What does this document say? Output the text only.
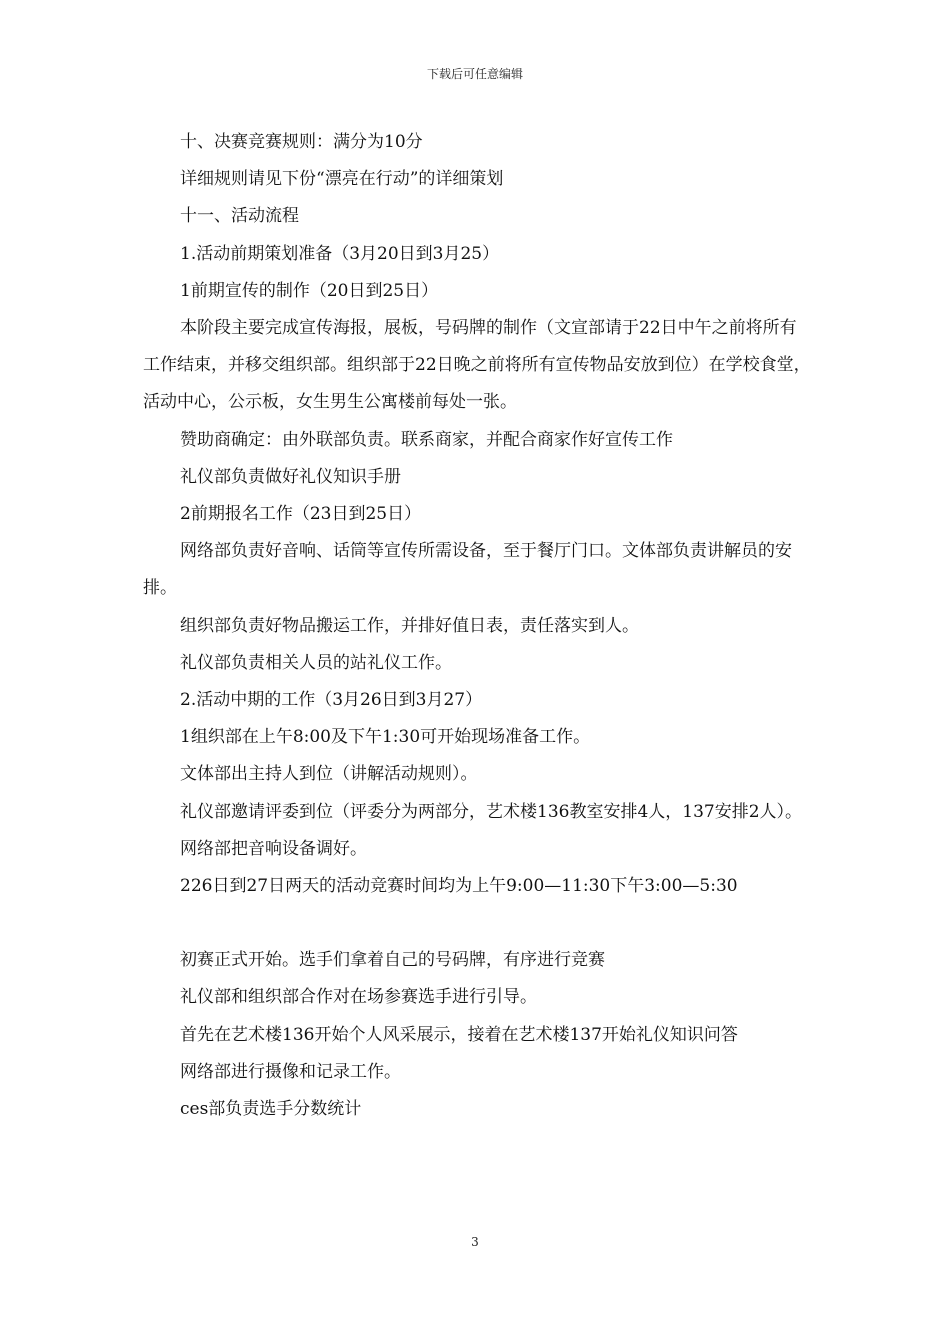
下载后可任意编辑

十、决赛竞赛规则：满分为10分

详细规则请见下份“漂亮在行动”的详细策划

十一、活动流程

1.活动前期策划准备（3月20日到3月25）

1前期宣传的制作（20日到25日）

本阶段主要完成宣传海报，展板，号码牌的制作（文宣部请于22日中午之前将所有工作结束，并移交组织部。组织部于22日晚之前将所有宣传物品安放到位）在学校食堂，活动中心，公示板，女生男生公寓楼前每处一张。

赞助商确定：由外联部负责。联系商家，并配合商家作好宣传工作

礼仪部负责做好礼仪知识手册

2前期报名工作（23日到25日）

网络部负责好音响、话筒等宣传所需设备，至于餐厅门口。文体部负责讲解员的安排。

组织部负责好物品搬运工作，并排好值日表，责任落实到人。

礼仪部负责相关人员的站礼仪工作。

2.活动中期的工作（3月26日到3月27）

1组织部在上午8:00及下午1:30可开始现场准备工作。

文体部出主持人到位（讲解活动规则）。

礼仪部邀请评委到位（评委分为两部分，艺术楼136教室安排4人，137安排2人）。

网络部把音响设备调好。

226日到27日两天的活动竞赛时间均为上午9:00—11:30下午3:00—5:30

初赛正式开始。选手们拿着自己的号码牌，有序进行竞赛

礼仪部和组织部合作对在场参赛选手进行引导。

首先在艺术楼136开始个人风采展示，接着在艺术楼137开始礼仪知识问答

网络部进行摄像和记录工作。

ces部负责选手分数统计

3
